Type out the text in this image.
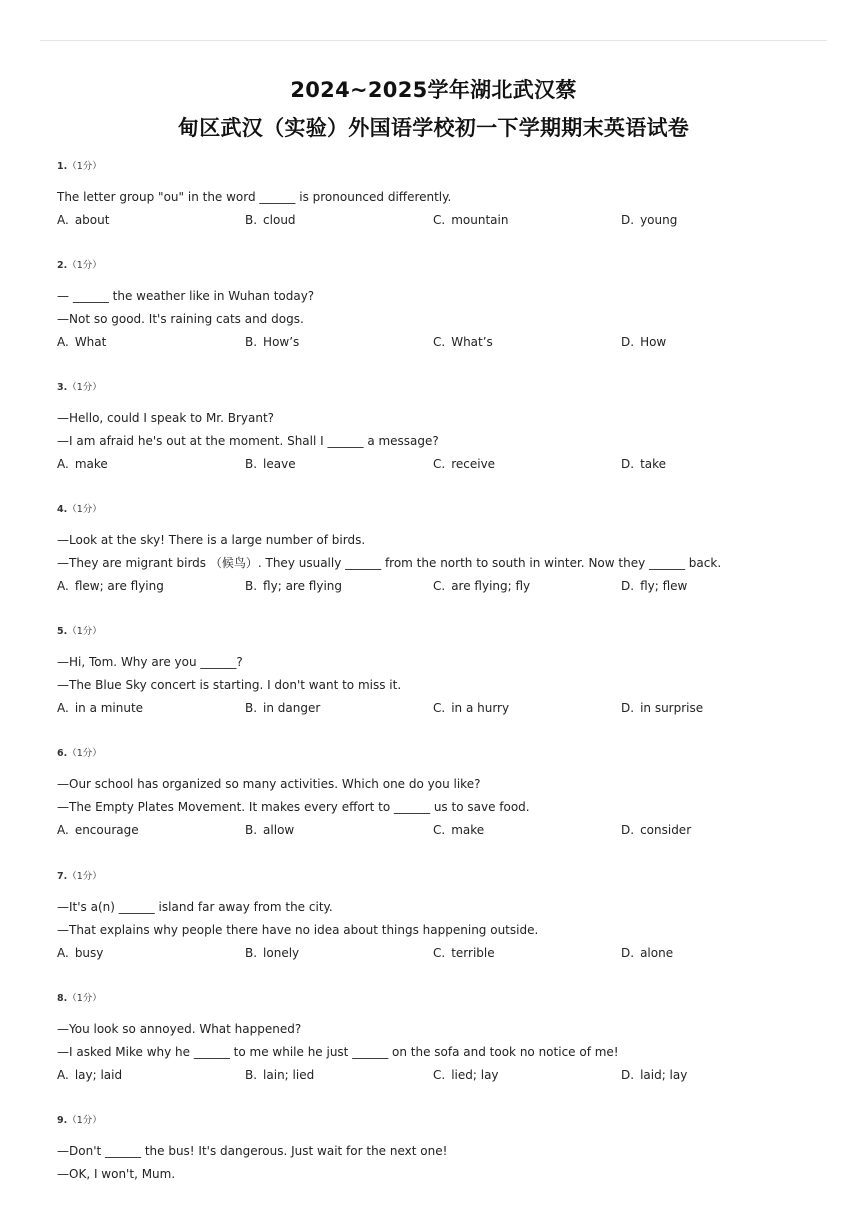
2024~2025学年湖北武汉蔡
甸区武汉（实验）外国语学校初一下学期期末英语试卷
1.（1分）
The letter group "ou" in the word ______ is pronounced differently.
A. about	B. cloud	C. mountain	D. young
2.（1分）
— ______ the weather like in Wuhan today?
—Not so good. It's raining cats and dogs.
A. What	B. How’s	C. What’s	D. How
3.（1分）
—Hello, could I speak to Mr. Bryant?
—I am afraid he's out at the moment. Shall I ______ a message?
A. make	B. leave	C. receive	D. take
4.（1分）
—Look at the sky! There is a large number of birds.
—They are migrant birds （候鸟）. They usually ______ from the north to south in winter. Now they ______ back.
A. flew; are flying	B. fly; are flying	C. are flying; fly	D. fly; flew
5.（1分）
—Hi, Tom. Why are you ______?
—The Blue Sky concert is starting. I don't want to miss it.
A. in a minute	B. in danger	C. in a hurry	D. in surprise
6.（1分）
—Our school has organized so many activities. Which one do you like?
—The Empty Plates Movement. It makes every effort to ______ us to save food.
A. encourage	B. allow	C. make	D. consider
7.（1分）
—It's a(n) ______ island far away from the city.
—That explains why people there have no idea about things happening outside.
A. busy	B. lonely	C. terrible	D. alone
8.（1分）
—You look so annoyed. What happened?
—I asked Mike why he ______ to me while he just ______ on the sofa and took no notice of me!
A. lay; laid	B. lain; lied	C. lied; lay	D. laid; lay
9.（1分）
—Don't ______ the bus! It's dangerous. Just wait for the next one!
—OK, I won't, Mum.
